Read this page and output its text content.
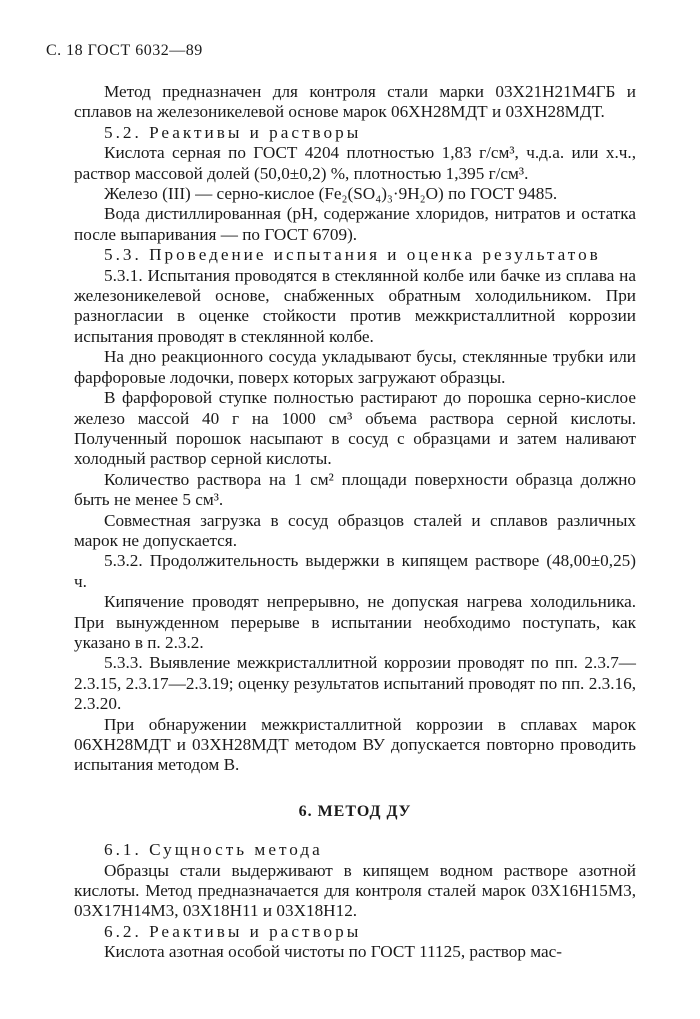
С. 18 ГОСТ 6032—89

Метод предназначен для контроля стали марки 03Х21Н21М4ГБ и сплавов на железоникелевой основе марок 06ХН28МДТ и 03ХН28МДТ.

5.2. Реактивы и растворы

Кислота серная по ГОСТ 4204 плотностью 1,83 г/см³, ч.д.а. или х.ч., раствор массовой долей (50,0±0,2) %, плотностью 1,395 г/см³.

Железо (III) — серно-кислое (Fe₂(SO₄)₃·9H₂O) по ГОСТ 9485.

Вода дистиллированная (pH, содержание хлоридов, нитратов и остатка после выпаривания — по ГОСТ 6709).

5.3. Проведение испытания и оценка результатов

5.3.1. Испытания проводятся в стеклянной колбе или бачке из сплава на железоникелевой основе, снабженных обратным холодильником. При разногласии в оценке стойкости против межкристаллитной коррозии испытания проводят в стеклянной колбе.

На дно реакционного сосуда укладывают бусы, стеклянные трубки или фарфоровые лодочки, поверх которых загружают образцы.

В фарфоровой ступке полностью растирают до порошка серно-кислое железо массой 40 г на 1000 см³ объема раствора серной кислоты. Полученный порошок насыпают в сосуд с образцами и затем наливают холодный раствор серной кислоты.

Количество раствора на 1 см² площади поверхности образца должно быть не менее 5 см³.

Совместная загрузка в сосуд образцов сталей и сплавов различных марок не допускается.

5.3.2. Продолжительность выдержки в кипящем растворе (48,00±0,25) ч.

Кипячение проводят непрерывно, не допуская нагрева холодильника. При вынужденном перерыве в испытании необходимо поступать, как указано в п. 2.3.2.

5.3.3. Выявление межкристаллитной коррозии проводят по пп. 2.3.7—2.3.15, 2.3.17—2.3.19; оценку результатов испытаний проводят по пп. 2.3.16, 2.3.20.

При обнаружении межкристаллитной коррозии в сплавах марок 06ХН28МДТ и 03ХН28МДТ методом ВУ допускается повторно проводить испытания методом В.

6. МЕТОД ДУ

6.1. Сущность метода

Образцы стали выдерживают в кипящем водном растворе азотной кислоты. Метод предназначается для контроля сталей марок 03Х16Н15М3, 03Х17Н14М3, 03Х18Н11 и 03Х18Н12.

6.2. Реактивы и растворы

Кислота азотная особой чистоты по ГОСТ 11125, раствор мас-
